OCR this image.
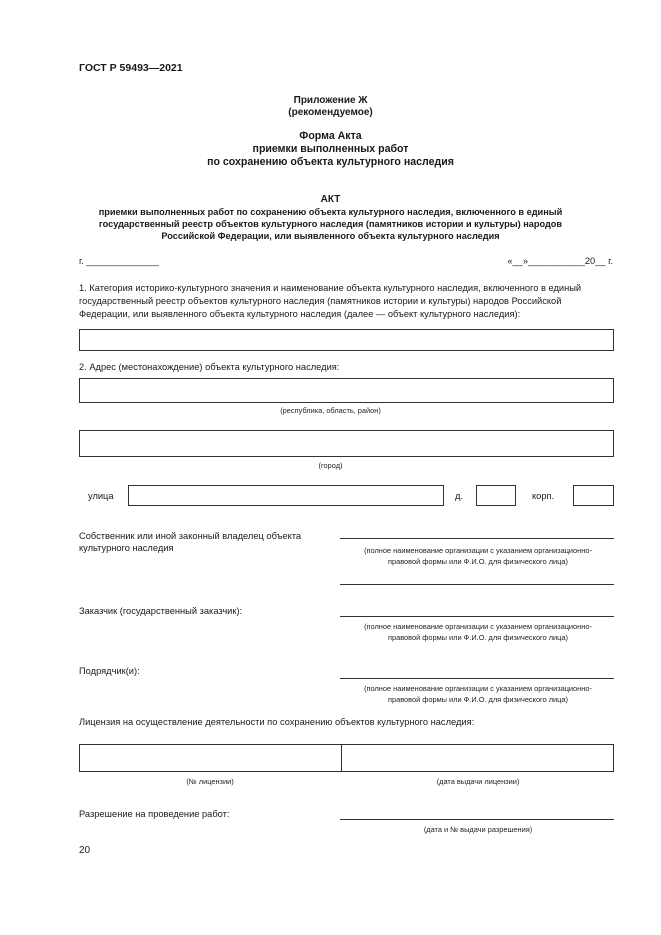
ГОСТ Р 59493—2021
Приложение Ж
(рекомендуемое)
Форма Акта
приемки выполненных работ
по сохранению объекта культурного наследия
АКТ
приемки выполненных работ по сохранению объекта культурного наследия, включенного в единый
государственный реестр объектов культурного наследия (памятников истории и культуры) народов
Российской Федерации, или выявленного объекта культурного наследия
г. ______________	«__»___________20__ г.
1. Категория историко-культурного значения и наименование объекта культурного наследия, включенного в единый
государственный реестр объектов культурного наследия (памятников истории и культуры) народов Российской
Федерации, или выявленного объекта культурного наследия (далее — объект культурного наследия):
2. Адрес (местонахождение) объекта культурного наследия:
(республика, область, район)
(город)
улица	д.	корп.
Собственник или иной законный владелец объекта
культурного наследия	(полное наименование организации с указанием организационно-
правовой формы или Ф.И.О. для физического лица)
Заказчик (государственный заказчик):
(полное наименование организации с указанием организационно-
правовой формы или Ф.И.О. для физического лица)
Подрядчик(и):
(полное наименование организации с указанием организационно-
правовой формы или Ф.И.О. для физического лица)
Лицензия на осуществление деятельности по сохранению объектов культурного наследия:
(№ лицензии)	(дата выдачи лицензии)
Разрешение на проведение работ:
(дата и № выдачи разрешения)
20
